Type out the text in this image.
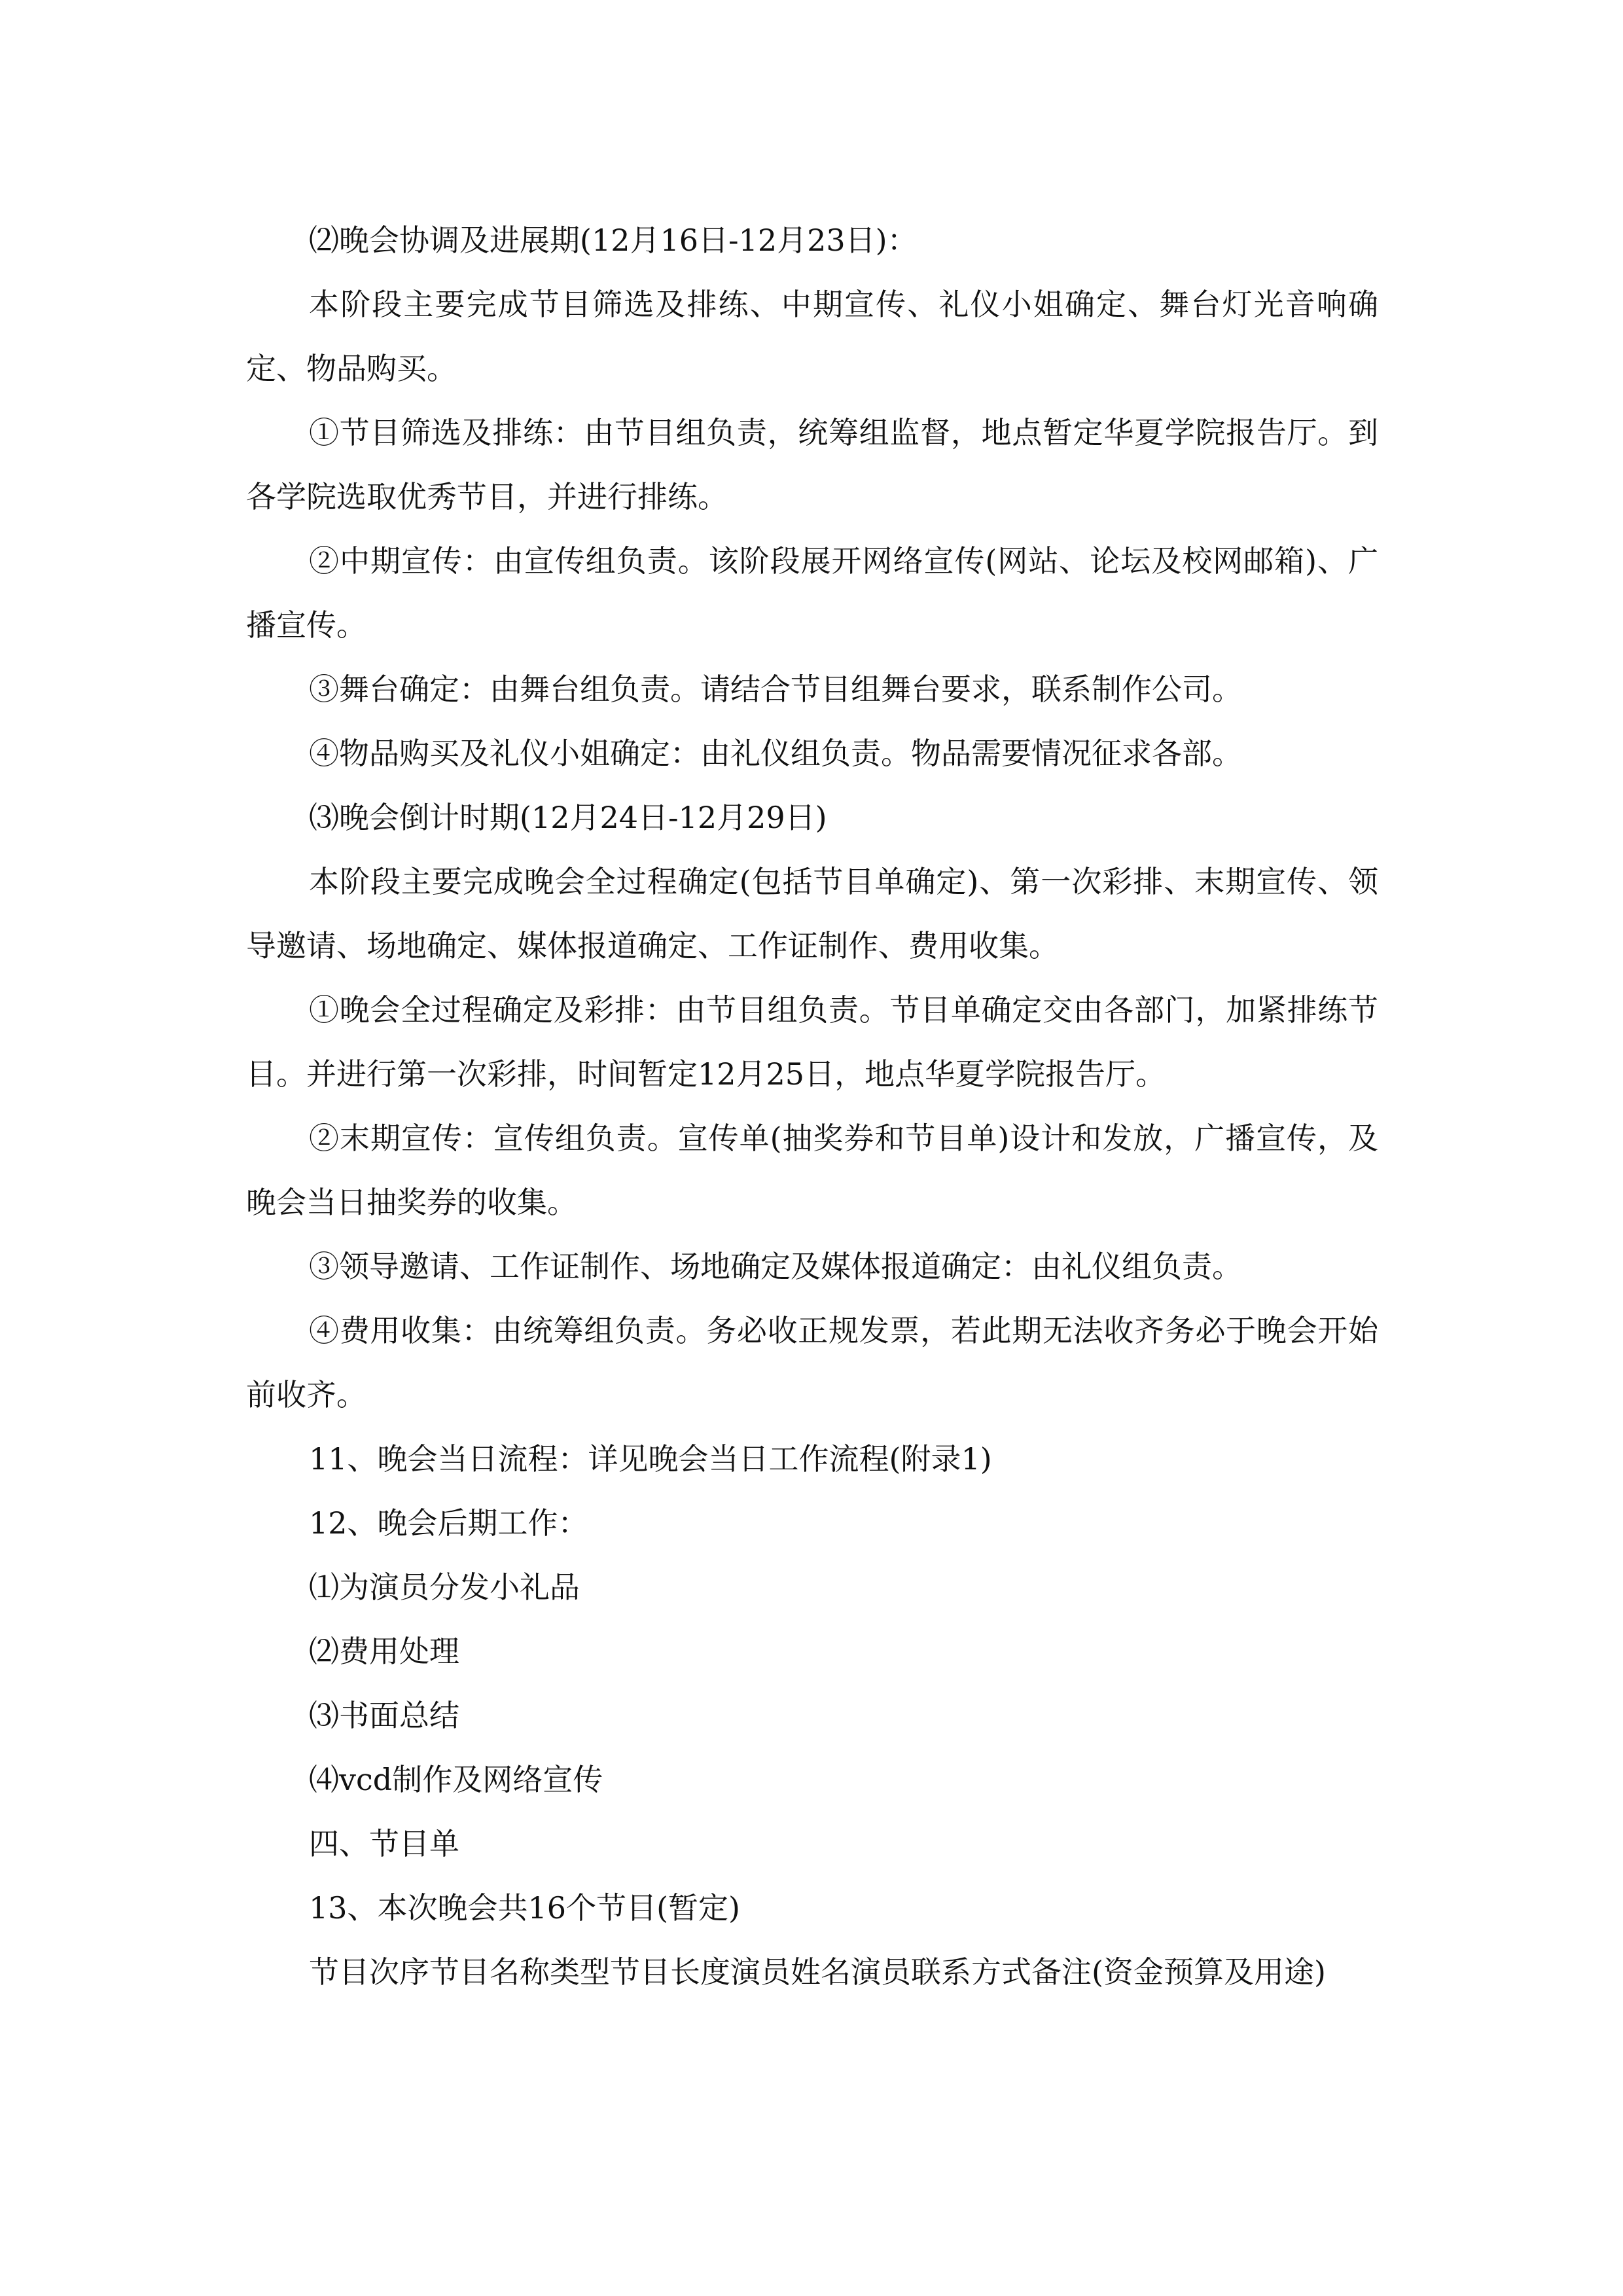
⑵晚会协调及进展期(12月16日-12月23日)：

本阶段主要完成节目筛选及排练、中期宣传、礼仪小姐确定、舞台灯光音响确定、物品购买。

①节目筛选及排练：由节目组负责，统筹组监督，地点暂定华夏学院报告厅。到各学院选取优秀节目，并进行排练。

②中期宣传：由宣传组负责。该阶段展开网络宣传(网站、论坛及校网邮箱)、广播宣传。

③舞台确定：由舞台组负责。请结合节目组舞台要求，联系制作公司。

④物品购买及礼仪小姐确定：由礼仪组负责。物品需要情况征求各部。

⑶晚会倒计时期(12月24日-12月29日)

本阶段主要完成晚会全过程确定(包括节目单确定)、第一次彩排、末期宣传、领导邀请、场地确定、媒体报道确定、工作证制作、费用收集。

①晚会全过程确定及彩排：由节目组负责。节目单确定交由各部门，加紧排练节目。并进行第一次彩排，时间暂定12月25日，地点华夏学院报告厅。

②末期宣传：宣传组负责。宣传单(抽奖券和节目单)设计和发放，广播宣传，及晚会当日抽奖券的收集。

③领导邀请、工作证制作、场地确定及媒体报道确定：由礼仪组负责。

④费用收集：由统筹组负责。务必收正规发票，若此期无法收齐务必于晚会开始前收齐。

11、晚会当日流程：详见晚会当日工作流程(附录1)

12、晚会后期工作：

⑴为演员分发小礼品

⑵费用处理

⑶书面总结

⑷vcd制作及网络宣传

四、节目单

13、本次晚会共16个节目(暂定)

节目次序节目名称类型节目长度演员姓名演员联系方式备注(资金预算及用途)
